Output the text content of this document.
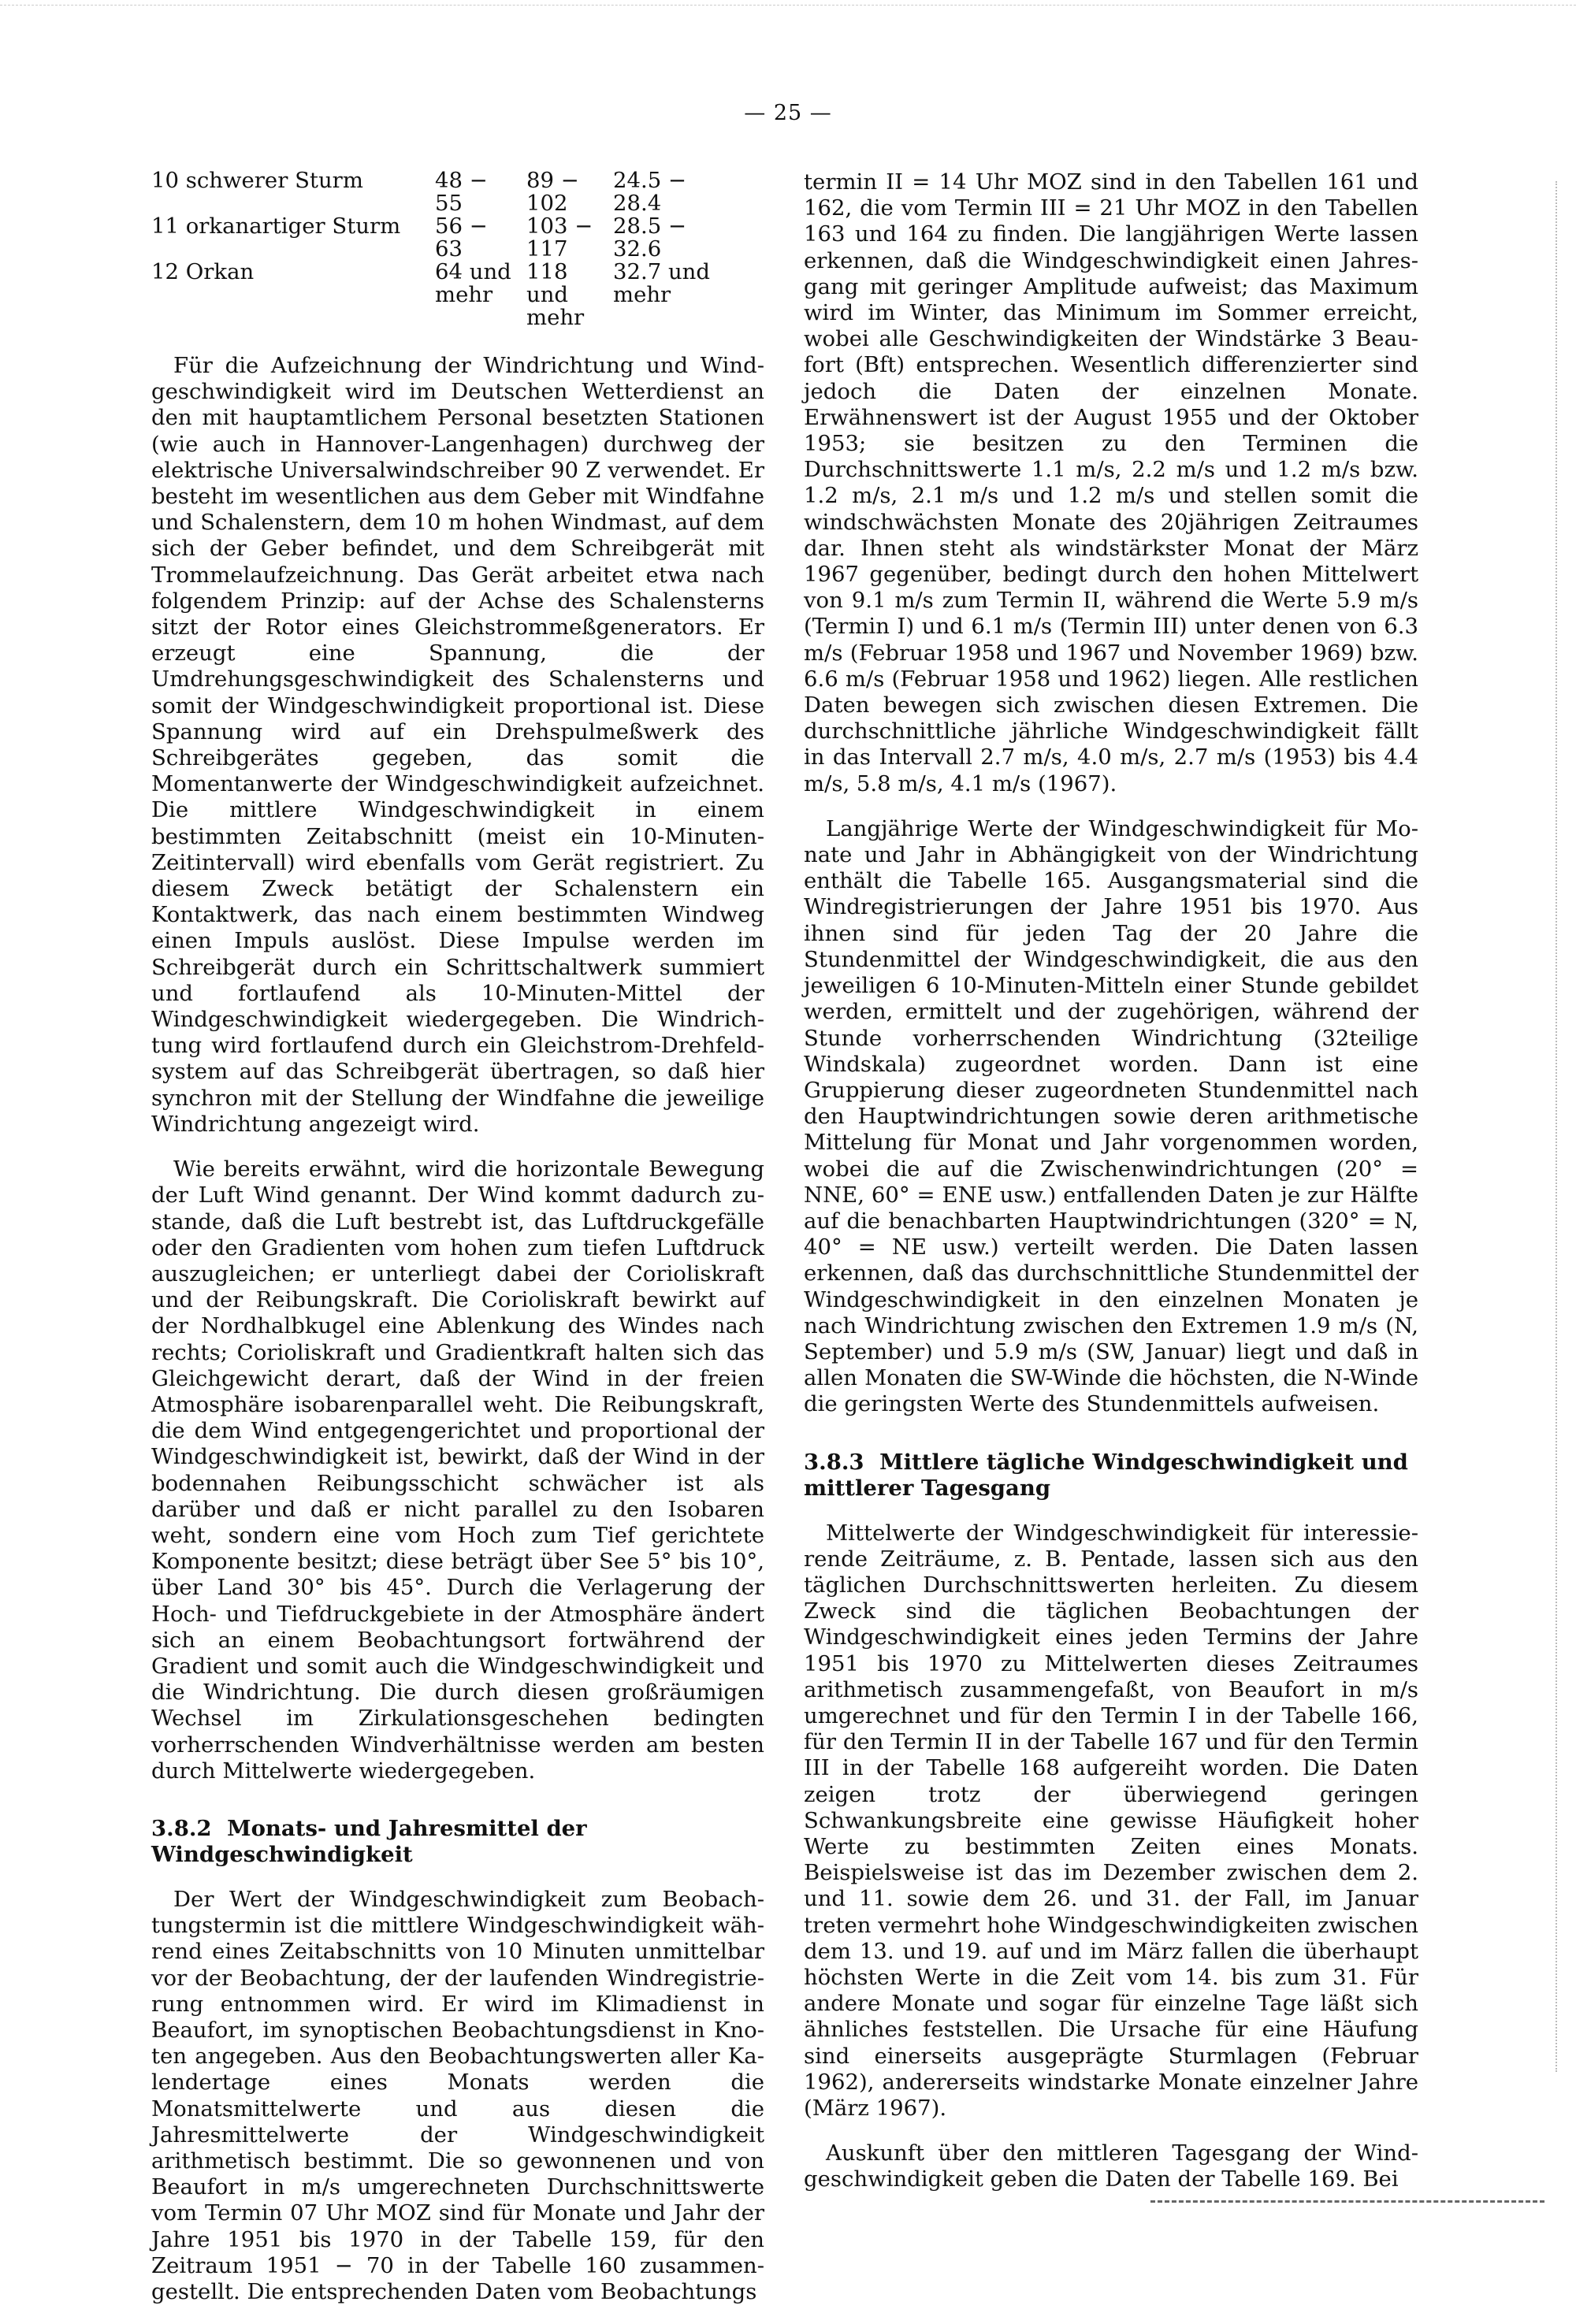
— 25 —
10 schwerer Sturm	48 − 55	89 − 102	24.5 − 28.4
11 orkanartiger Sturm	56 − 63	103 − 117	28.5 − 32.6
12 Orkan	64 und mehr	118 und mehr	32.7 und mehr

Für die Aufzeichnung der Windrichtung und Windgeschwindigkeit wird im Deutschen Wetterdienst an den mit hauptamtlichem Personal besetzten Stationen (wie auch in Hannover-Langenhagen) durchweg der elektrische Universalwindschreiber 90 Z verwendet. Er besteht im wesentlichen aus dem Geber mit Windfahne und Schalenstern, dem 10 m hohen Windmast, auf dem sich der Geber befindet, und dem Schreibgerät mit Trommelaufzeichnung. Das Gerät arbeitet etwa nach folgendem Prinzip: auf der Achse des Schalensterns sitzt der Rotor eines Gleichstrommeßgenerators. Er erzeugt eine Spannung, die der Umdrehungsgeschwindigkeit des Schalensterns und somit der Windgeschwindigkeit proportional ist. Diese Spannung wird auf ein Drehspulmeßwerk des Schreibgerätes gegeben, das somit die Momentanwerte der Windgeschwindigkeit aufzeichnet. Die mittlere Windgeschwindigkeit in einem bestimmten Zeitabschnitt (meist ein 10-Minuten-Zeitintervall) wird ebenfalls vom Gerät registriert. Zu diesem Zweck betätigt der Schalenstern ein Kontaktwerk, das nach einem bestimmten Windweg einen Impuls auslöst. Diese Impulse werden im Schreibgerät durch ein Schrittschaltwerk summiert und fortlaufend als 10-Minuten-Mittel der Windgeschwindigkeit wiedergegeben. Die Windrichtung wird fortlaufend durch ein Gleichstrom-Drehfeldsystem auf das Schreibgerät übertragen, so daß hier synchron mit der Stellung der Windfahne die jeweilige Windrichtung angezeigt wird.

Wie bereits erwähnt, wird die horizontale Bewegung der Luft Wind genannt. Der Wind kommt dadurch zustande, daß die Luft bestrebt ist, das Luftdruckgefälle oder den Gradienten vom hohen zum tiefen Luftdruck auszugleichen; er unterliegt dabei der Corioliskraft und der Reibungskraft. Die Corioliskraft bewirkt auf der Nordhalbkugel eine Ablenkung des Windes nach rechts; Corioliskraft und Gradientkraft halten sich das Gleichgewicht derart, daß der Wind in der freien Atmosphäre isobarenparallel weht. Die Reibungskraft, die dem Wind entgegengerichtet und proportional der Windgeschwindigkeit ist, bewirkt, daß der Wind in der bodennahen Reibungsschicht schwächer ist als darüber und daß er nicht parallel zu den Isobaren weht, sondern eine vom Hoch zum Tief gerichtete Komponente besitzt; diese beträgt über See 5° bis 10°, über Land 30° bis 45°. Durch die Verlagerung der Hoch- und Tiefdruckgebiete in der Atmosphäre ändert sich an einem Beobachtungsort fortwährend der Gradient und somit auch die Windgeschwindigkeit und die Windrichtung. Die durch diesen großräumigen Wechsel im Zirkulationsgeschehen bedingten vorherrschenden Windverhältnisse werden am besten durch Mittelwerte wiedergegeben.

3.8.2 Monats- und Jahresmittel der Windgeschwindigkeit

Der Wert der Windgeschwindigkeit zum Beobachtungstermin ist die mittlere Windgeschwindigkeit während eines Zeitabschnitts von 10 Minuten unmittelbar vor der Beobachtung, der der laufenden Windregistrierung entnommen wird. Er wird im Klimadienst in Beaufort, im synoptischen Beobachtungsdienst in Knoten angegeben. Aus den Beobachtungswerten aller Kalendertage eines Monats werden die Monatsmittelwerte und aus diesen die Jahresmittelwerte der Windgeschwindigkeit arithmetisch bestimmt. Die so gewonnenen und von Beaufort in m/s umgerechneten Durchschnittswerte vom Termin 07 Uhr MOZ sind für Monate und Jahr der Jahre 1951 bis 1970 in der Tabelle 159, für den Zeitraum 1951 − 70 in der Tabelle 160 zusammengestellt. Die entsprechenden Daten vom Beobachtungs

termin II = 14 Uhr MOZ sind in den Tabellen 161 und 162, die vom Termin III = 21 Uhr MOZ in den Tabellen 163 und 164 zu finden. Die langjährigen Werte lassen erkennen, daß die Windgeschwindigkeit einen Jahresgang mit geringer Amplitude aufweist; das Maximum wird im Winter, das Minimum im Sommer erreicht, wobei alle Geschwindigkeiten der Windstärke 3 Beaufort (Bft) entsprechen. Wesentlich differenzierter sind jedoch die Daten der einzelnen Monate. Erwähnenswert ist der August 1955 und der Oktober 1953; sie besitzen zu den Terminen die Durchschnittswerte 1.1 m/s, 2.2 m/s und 1.2 m/s bzw. 1.2 m/s, 2.1 m/s und 1.2 m/s und stellen somit die windschwächsten Monate des 20jährigen Zeitraumes dar. Ihnen steht als windstärkster Monat der März 1967 gegenüber, bedingt durch den hohen Mittelwert von 9.1 m/s zum Termin II, während die Werte 5.9 m/s (Termin I) und 6.1 m/s (Termin III) unter denen von 6.3 m/s (Februar 1958 und 1967 und November 1969) bzw. 6.6 m/s (Februar 1958 und 1962) liegen. Alle restlichen Daten bewegen sich zwischen diesen Extremen. Die durchschnittliche jährliche Windgeschwindigkeit fällt in das Intervall 2.7 m/s, 4.0 m/s, 2.7 m/s (1953) bis 4.4 m/s, 5.8 m/s, 4.1 m/s (1967).

Langjährige Werte der Windgeschwindigkeit für Monate und Jahr in Abhängigkeit von der Windrichtung enthält die Tabelle 165. Ausgangsmaterial sind die Windregistrierungen der Jahre 1951 bis 1970. Aus ihnen sind für jeden Tag der 20 Jahre die Stundenmittel der Windgeschwindigkeit, die aus den jeweiligen 6 10-Minuten-Mitteln einer Stunde gebildet werden, ermittelt und der zugehörigen, während der Stunde vorherrschenden Windrichtung (32teilige Windskala) zugeordnet worden. Dann ist eine Gruppierung dieser zugeordneten Stundenmittel nach den Hauptwindrichtungen sowie deren arithmetische Mittelung für Monat und Jahr vorgenommen worden, wobei die auf die Zwischenwindrichtungen (20° = NNE, 60° = ENE usw.) entfallenden Daten je zur Hälfte auf die benachbarten Hauptwindrichtungen (320° = N, 40° = NE usw.) verteilt werden. Die Daten lassen erkennen, daß das durchschnittliche Stundenmittel der Windgeschwindigkeit in den einzelnen Monaten je nach Windrichtung zwischen den Extremen 1.9 m/s (N, September) und 5.9 m/s (SW, Januar) liegt und daß in allen Monaten die SW-Winde die höchsten, die N-Winde die geringsten Werte des Stundenmittels aufweisen.

3.8.3 Mittlere tägliche Windgeschwindigkeit und mittlerer Tagesgang

Mittelwerte der Windgeschwindigkeit für interessierende Zeiträume, z. B. Pentade, lassen sich aus den täglichen Durchschnittswerten herleiten. Zu diesem Zweck sind die täglichen Beobachtungen der Windgeschwindigkeit eines jeden Termins der Jahre 1951 bis 1970 zu Mittelwerten dieses Zeitraumes arithmetisch zusammengefaßt, von Beaufort in m/s umgerechnet und für den Termin I in der Tabelle 166, für den Termin II in der Tabelle 167 und für den Termin III in der Tabelle 168 aufgereiht worden. Die Daten zeigen trotz der überwiegend geringen Schwankungsbreite eine gewisse Häufigkeit hoher Werte zu bestimmten Zeiten eines Monats. Beispielsweise ist das im Dezember zwischen dem 2. und 11. sowie dem 26. und 31. der Fall, im Januar treten vermehrt hohe Windgeschwindigkeiten zwischen dem 13. und 19. auf und im März fallen die überhaupt höchsten Werte in die Zeit vom 14. bis zum 31. Für andere Monate und sogar für einzelne Tage läßt sich ähnliches feststellen. Die Ursache für eine Häufung sind einerseits ausgeprägte Sturmlagen (Februar 1962), andererseits windstarke Monate einzelner Jahre (März 1967).

Auskunft über den mittleren Tagesgang der Windgeschwindigkeit geben die Daten der Tabelle 169. Bei
